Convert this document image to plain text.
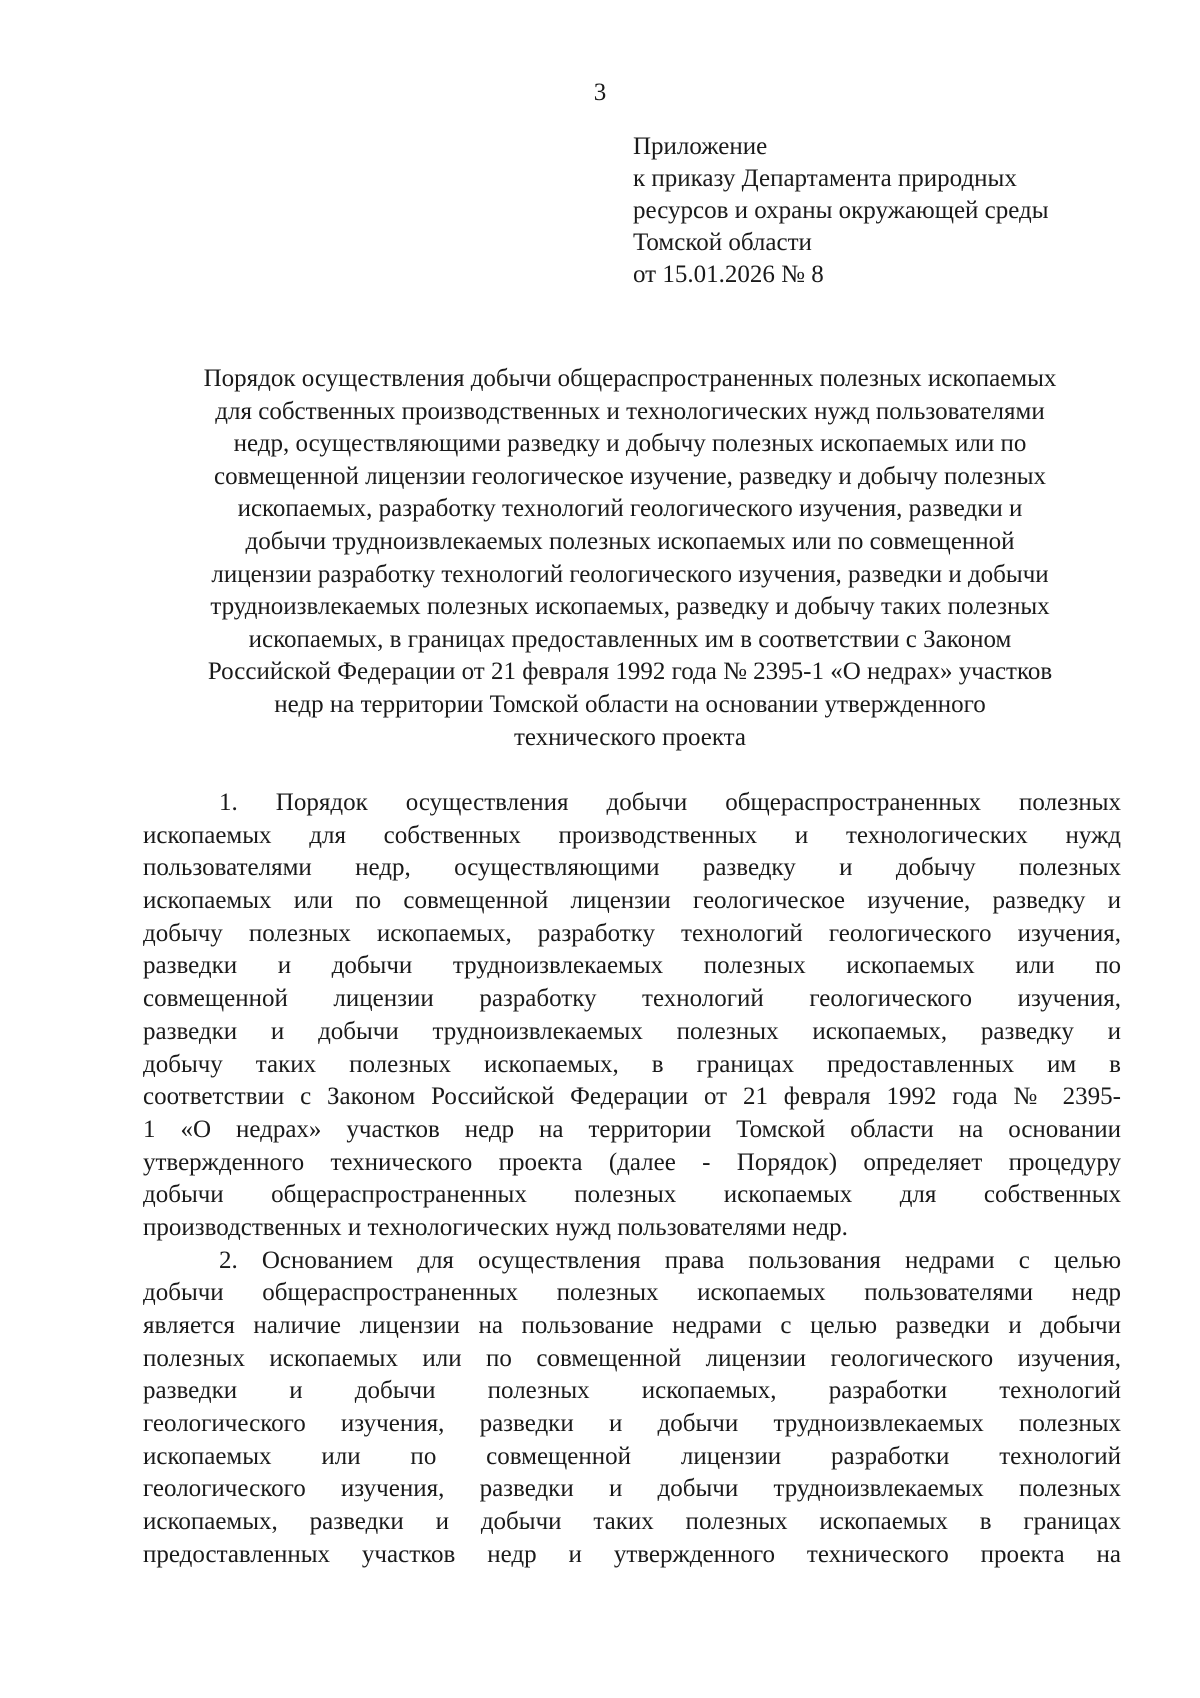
3
Приложение
к приказу Департамента природных
ресурсов и охраны окружающей среды
Томской области
от 15.01.2026 № 8
Порядок осуществления добычи общераспространенных полезных ископаемых
для собственных производственных и технологических нужд пользователями
недр, осуществляющими разведку и добычу полезных ископаемых или по
совмещенной лицензии геологическое изучение, разведку и добычу полезных
ископаемых, разработку технологий геологического изучения, разведки и
добычи трудноизвлекаемых полезных ископаемых или по совмещенной
лицензии разработку технологий геологического изучения, разведки и добычи
трудноизвлекаемых полезных ископаемых, разведку и добычу таких полезных
ископаемых, в границах предоставленных им в соответствии с Законом
Российской Федерации от 21 февраля 1992 года № 2395-1 «О недрах» участков
недр на территории Томской области на основании утвержденного
технического проекта
1. Порядок осуществления добычи общераспространенных полезных
ископаемых для собственных производственных и технологических нужд
пользователями недр, осуществляющими разведку и добычу полезных
ископаемых или по совмещенной лицензии геологическое изучение, разведку и
добычу полезных ископаемых, разработку технологий геологического изучения,
разведки и добычи трудноизвлекаемых полезных ископаемых или по
совмещенной лицензии разработку технологий геологического изучения,
разведки и добычи трудноизвлекаемых полезных ископаемых, разведку и
добычу таких полезных ископаемых, в границах предоставленных им в
соответствии с Законом Российской Федерации от 21 февраля 1992 года № 2395-
1 «О недрах» участков недр на территории Томской области на основании
утвержденного технического проекта (далее - Порядок) определяет процедуру
добычи общераспространенных полезных ископаемых для собственных
производственных и технологических нужд пользователями недр.
2. Основанием для осуществления права пользования недрами с целью
добычи общераспространенных полезных ископаемых пользователями недр
является наличие лицензии на пользование недрами с целью разведки и добычи
полезных ископаемых или по совмещенной лицензии геологического изучения,
разведки и добычи полезных ископаемых, разработки технологий
геологического изучения, разведки и добычи трудноизвлекаемых полезных
ископаемых или по совмещенной лицензии разработки технологий
геологического изучения, разведки и добычи трудноизвлекаемых полезных
ископаемых, разведки и добычи таких полезных ископаемых в границах
предоставленных участков недр и утвержденного технического проекта на
